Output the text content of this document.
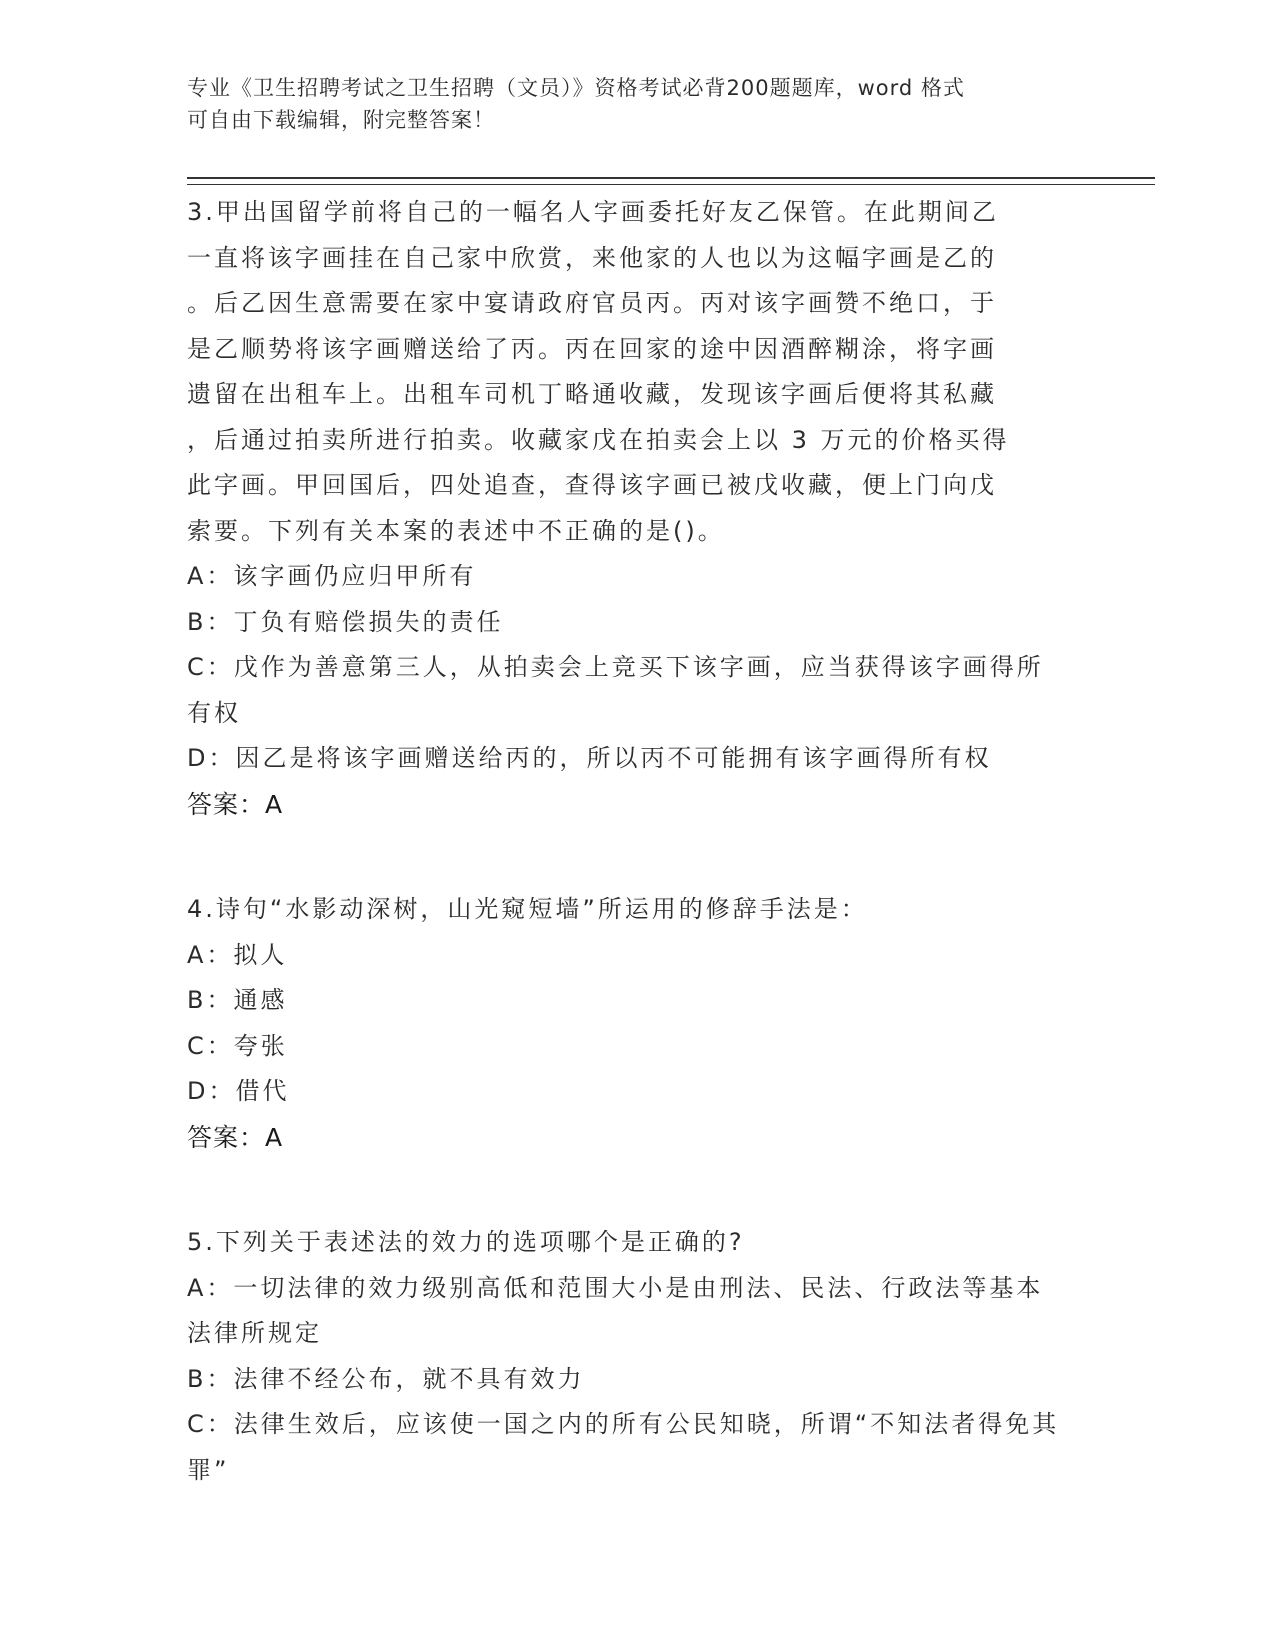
专业《卫生招聘考试之卫生招聘（文员）》资格考试必背200题题库，word 格式
可自由下载编辑，附完整答案！
3.甲出国留学前将自己的一幅名人字画委托好友乙保管。在此期间乙
一直将该字画挂在自己家中欣赏，来他家的人也以为这幅字画是乙的
。后乙因生意需要在家中宴请政府官员丙。丙对该字画赞不绝口，于
是乙顺势将该字画赠送给了丙。丙在回家的途中因酒醉糊涂，将字画
遗留在出租车上。出租车司机丁略通收藏，发现该字画后便将其私藏
，后通过拍卖所进行拍卖。收藏家戊在拍卖会上以 3 万元的价格买得
此字画。甲回国后，四处追查，查得该字画已被戊收藏，便上门向戊
索要。下列有关本案的表述中不正确的是()。
A：该字画仍应归甲所有
B：丁负有赔偿损失的责任
C：戊作为善意第三人，从拍卖会上竞买下该字画，应当获得该字画得所有权
D：因乙是将该字画赠送给丙的，所以丙不可能拥有该字画得所有权
答案：A
4.诗句“水影动深树，山光窥短墙”所运用的修辞手法是：
A：拟人
B：通感
C：夸张
D：借代
答案：A
5.下列关于表述法的效力的选项哪个是正确的?
A：一切法律的效力级别高低和范围大小是由刑法、民法、行政法等基本法律所规定
B：法律不经公布，就不具有效力
C：法律生效后，应该使一国之内的所有公民知晓，所谓“不知法者得免其罪”
